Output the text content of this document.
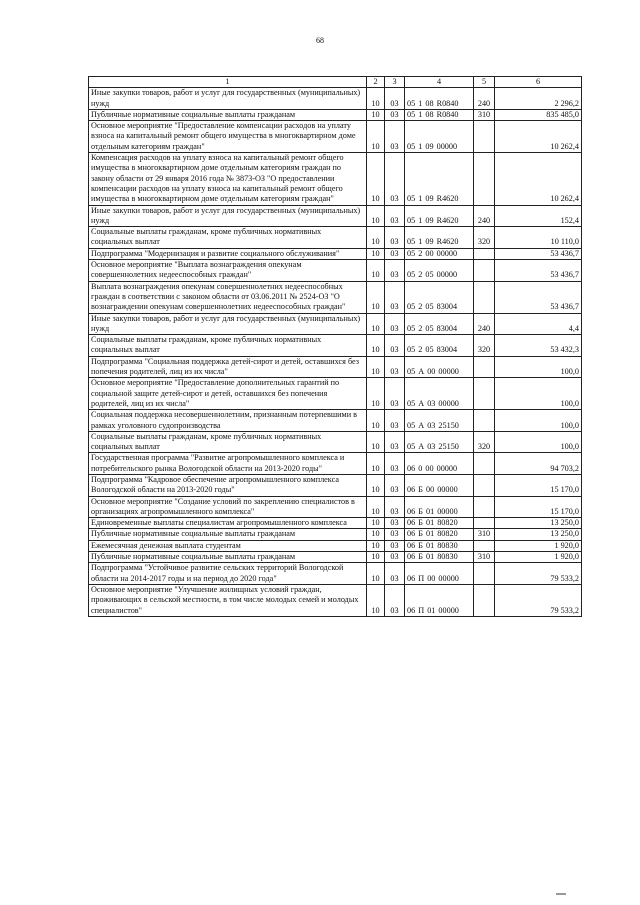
68
1	2	3	4	5	6
Иные закупки товаров, работ и услуг для государственных (муниципальных) нужд	10	03	05 1 08 R0840	240	2 296,2
Публичные нормативные социальные выплаты гражданам	10	03	05 1 08 R0840	310	835 485,0
Основное мероприятие "Предоставление компенсации расходов на уплату взноса на капитальный ремонт общего имущества в многоквартирном доме отдельным категориям граждан"	10	03	05 1 09 00000		10 262,4
Компенсация расходов на уплату взноса на капитальный ремонт общего имущества в многоквартирном доме отдельным категориям граждан по закону области от 29 января 2016 года № 3873-ОЗ "О предоставлении компенсации расходов на уплату взноса на капитальный ремонт общего имущества в многоквартирном доме отдельным категориям граждан"	10	03	05 1 09 R4620		10 262,4
Иные закупки товаров, работ и услуг для государственных (муниципальных) нужд	10	03	05 1 09 R4620	240	152,4
Социальные выплаты гражданам, кроме публичных нормативных социальных выплат	10	03	05 1 09 R4620	320	10 110,0
Подпрограмма "Модернизация и развитие социального обслуживания"	10	03	05 2 00 00000		53 436,7
Основное мероприятие "Выплата вознаграждения опекунам совершеннолетних недееспособных граждан"	10	03	05 2 05 00000		53 436,7
Выплата вознаграждения опекунам совершеннолетних недееспособных граждан в соответствии с законом области от 03.06.2011 № 2524-ОЗ "О вознаграждении опекунам совершеннолетних недееспособных граждан"	10	03	05 2 05 83004		53 436,7
Иные закупки товаров, работ и услуг для государственных (муниципальных) нужд	10	03	05 2 05 83004	240	4,4
Социальные выплаты гражданам, кроме публичных нормативных социальных выплат	10	03	05 2 05 83004	320	53 432,3
Подпрограмма "Социальная поддержка детей-сирот и детей, оставшихся без попечения родителей, лиц из их числа"	10	03	05 А 00 00000		100,0
Основное мероприятие "Предоставление дополнительных гарантий по социальной защите детей-сирот и детей, оставшихся без попечения родителей, лиц из их числа"	10	03	05 А 03 00000		100,0
Социальная поддержка несовершеннолетним, признанным потерпевшими в рамках уголовного судопроизводства	10	03	05 А 03 25150		100,0
Социальные выплаты гражданам, кроме публичных нормативных социальных выплат	10	03	05 А 03 25150	320	100,0
Государственная программа "Развитие агропромышленного комплекса и потребительского рынка Вологодской области на 2013-2020 годы"	10	03	06 0 00 00000		94 703,2
Подпрограмма "Кадровое обеспечение агропромышленного комплекса Вологодской области на 2013-2020 годы"	10	03	06 Б 00 00000		15 170,0
Основное мероприятие "Создание условий по закреплению специалистов в организациях агропромышленного комплекса"	10	03	06 Б 01 00000		15 170,0
Единовременные выплаты специалистам агропромышленного комплекса	10	03	06 Б 01 80820		13 250,0
Публичные нормативные социальные выплаты гражданам	10	03	06 Б 01 80820	310	13 250,0
Ежемесячная денежная выплата студентам	10	03	06 Б 01 80830		1 920,0
Публичные нормативные социальные выплаты гражданам	10	03	06 Б 01 80830	310	1 920,0
Подпрограмма "Устойчивое развитие сельских территорий Вологодской области на 2014-2017 годы и на период до 2020 года"	10	03	06 П 00 00000		79 533,2
Основное мероприятие "Улучшение жилищных условий граждан, проживающих в сельской местности, в том числе молодых семей и молодых специалистов"	10	03	06 П 01 00000		79 533,2
